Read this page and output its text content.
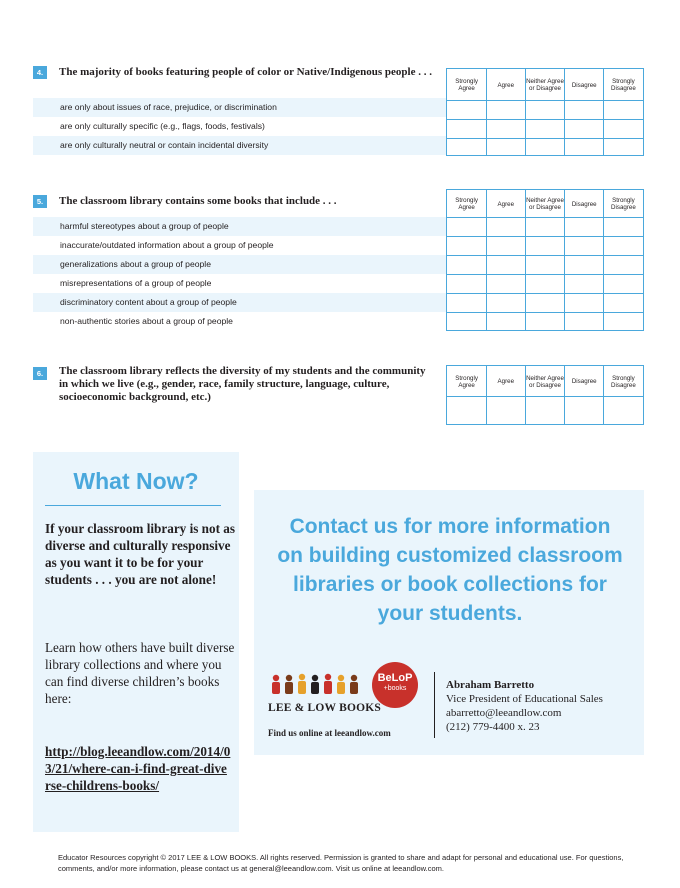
4.	The majority of books featuring people of color or Native/Indigenous people . . .
are only about issues of race, prejudice, or discrimination
are only culturally specific (e.g., flags, foods, festivals)
are only culturally neutral or contain incidental diversity
Strongly Agree	Agree	Neither Agree or Disagree	Disagree	Strongly Disagree
5.	The classroom library contains some books that include . . .
harmful stereotypes about a group of people
inaccurate/outdated information about a group of people
generalizations about a group of people
misrepresentations of a group of people
discriminatory content about a group of people
non-authentic stories about a group of people
Strongly Agree	Agree	Neither Agree or Disagree	Disagree	Strongly Disagree
6.	The classroom library reflects the diversity of my students and the community in which we live (e.g., gender, race, family structure, language, culture, socioeconomic background, etc.)
Strongly Agree	Agree	Neither Agree or Disagree	Disagree	Strongly Disagree
What Now?
If your classroom library is not as diverse and culturally responsive as you want it to be for your students . . . you are not alone!
Learn how others have built diverse library collections and where you can find diverse children’s books here:
http://blog.leeandlow.com/2014/03/21/where-can-i-find-great-diverse-childrens-books/
Contact us for more information on building customized classroom libraries or book collections for your students.
LEE & LOW BOOKS
BeLoP
+books
Find us online at leeandlow.com
Abraham Barretto
Vice President of Educational Sales
abarretto@leeandlow.com
(212) 779-4400 x. 23
Educator Resources copyright © 2017 LEE & LOW BOOKS. All rights reserved. Permission is granted to share and adapt for personal and educational use. For questions, comments, and/or more information, please contact us at general@leeandlow.com. Visit us online at leeandlow.com.
